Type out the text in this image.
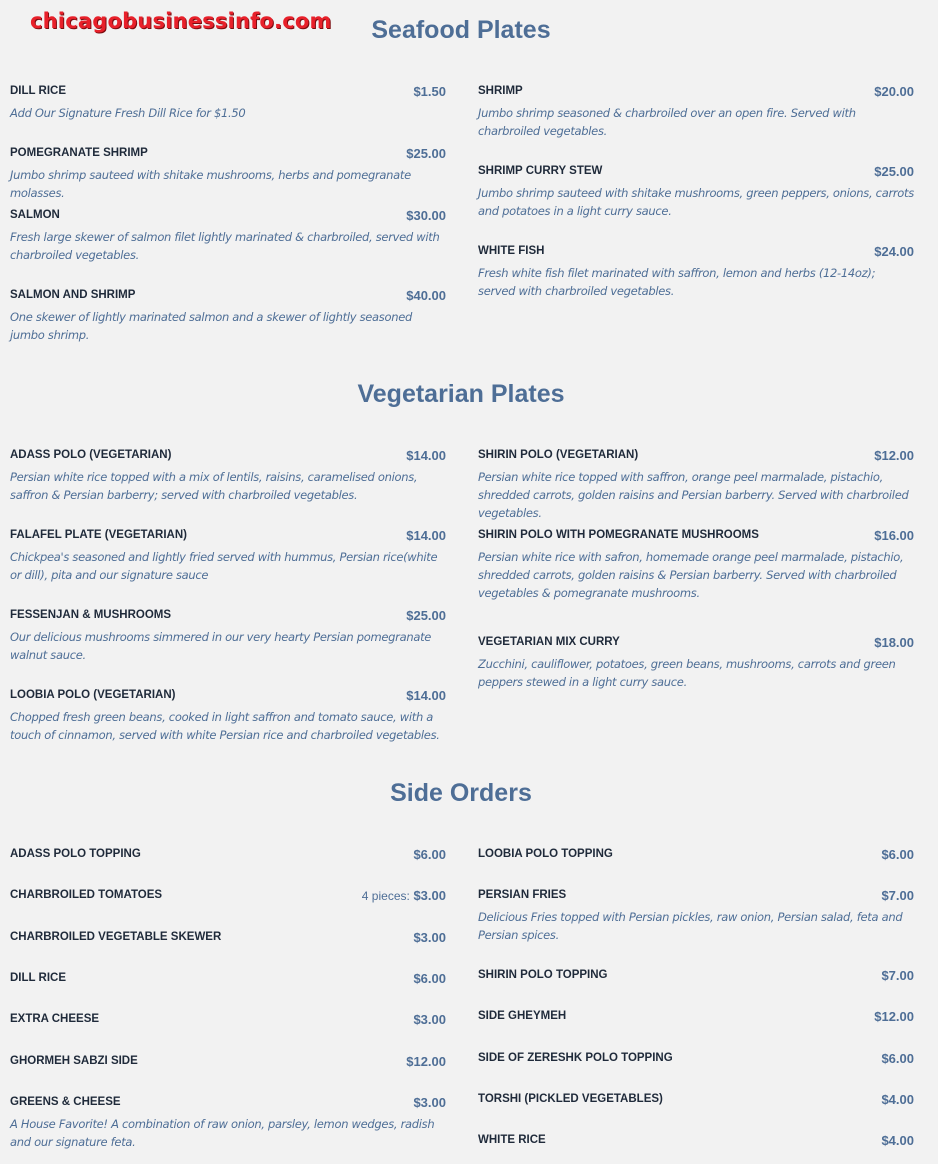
chicagobusinessinfo.com	Seafood Plates
DILL RICE	$1.50
Add Our Signature Fresh Dill Rice for $1.50
POMEGRANATE SHRIMP	$25.00
Jumbo shrimp sauteed with shitake mushrooms, herbs and pomegranate molasses.
SALMON	$30.00
Fresh large skewer of salmon filet lightly marinated & charbroiled, served with charbroiled vegetables.
SALMON AND SHRIMP	$40.00
One skewer of lightly marinated salmon and a skewer of lightly seasoned jumbo shrimp.
SHRIMP	$20.00
Jumbo shrimp seasoned & charbroiled over an open fire. Served with charbroiled vegetables.
SHRIMP CURRY STEW	$25.00
Jumbo shrimp sauteed with shitake mushrooms, green peppers, onions, carrots and potatoes in a light curry sauce.
WHITE FISH	$24.00
Fresh white fish filet marinated with saffron, lemon and herbs (12-14oz); served with charbroiled vegetables.
Vegetarian Plates
ADASS POLO (VEGETARIAN)	$14.00
Persian white rice topped with a mix of lentils, raisins, caramelised onions, saffron & Persian barberry; served with charbroiled vegetables.
FALAFEL PLATE (VEGETARIAN)	$14.00
Chickpea's seasoned and lightly fried served with hummus, Persian rice(white or dill), pita and our signature sauce
FESSENJAN & MUSHROOMS	$25.00
Our delicious mushrooms simmered in our very hearty Persian pomegranate walnut sauce.
LOOBIA POLO (VEGETARIAN)	$14.00
Chopped fresh green beans, cooked in light saffron and tomato sauce, with a touch of cinnamon, served with white Persian rice and charbroiled vegetables.
SHIRIN POLO (VEGETARIAN)	$12.00
Persian white rice topped with saffron, orange peel marmalade, pistachio, shredded carrots, golden raisins and Persian barberry. Served with charbroiled vegetables.
SHIRIN POLO WITH POMEGRANATE MUSHROOMS	$16.00
Persian white rice with safron, homemade orange peel marmalade, pistachio, shredded carrots, golden raisins & Persian barberry. Served with charbroiled vegetables & pomegranate mushrooms.
VEGETARIAN MIX CURRY	$18.00
Zucchini, cauliflower, potatoes, green beans, mushrooms, carrots and green peppers stewed in a light curry sauce.
Side Orders
ADASS POLO TOPPING	$6.00
CHARBROILED TOMATOES	4 pieces: $3.00
CHARBROILED VEGETABLE SKEWER	$3.00
DILL RICE	$6.00
EXTRA CHEESE	$3.00
GHORMEH SABZI SIDE	$12.00
GREENS & CHEESE	$3.00
A House Favorite! A combination of raw onion, parsley, lemon wedges, radish and our signature feta.
LOOBIA POLO TOPPING	$6.00
PERSIAN FRIES	$7.00
Delicious Fries topped with Persian pickles, raw onion, Persian salad, feta and Persian spices.
SHIRIN POLO TOPPING	$7.00
SIDE GHEYMEH	$12.00
SIDE OF ZERESHK POLO TOPPING	$6.00
TORSHI (PICKLED VEGETABLES)	$4.00
WHITE RICE	$4.00
